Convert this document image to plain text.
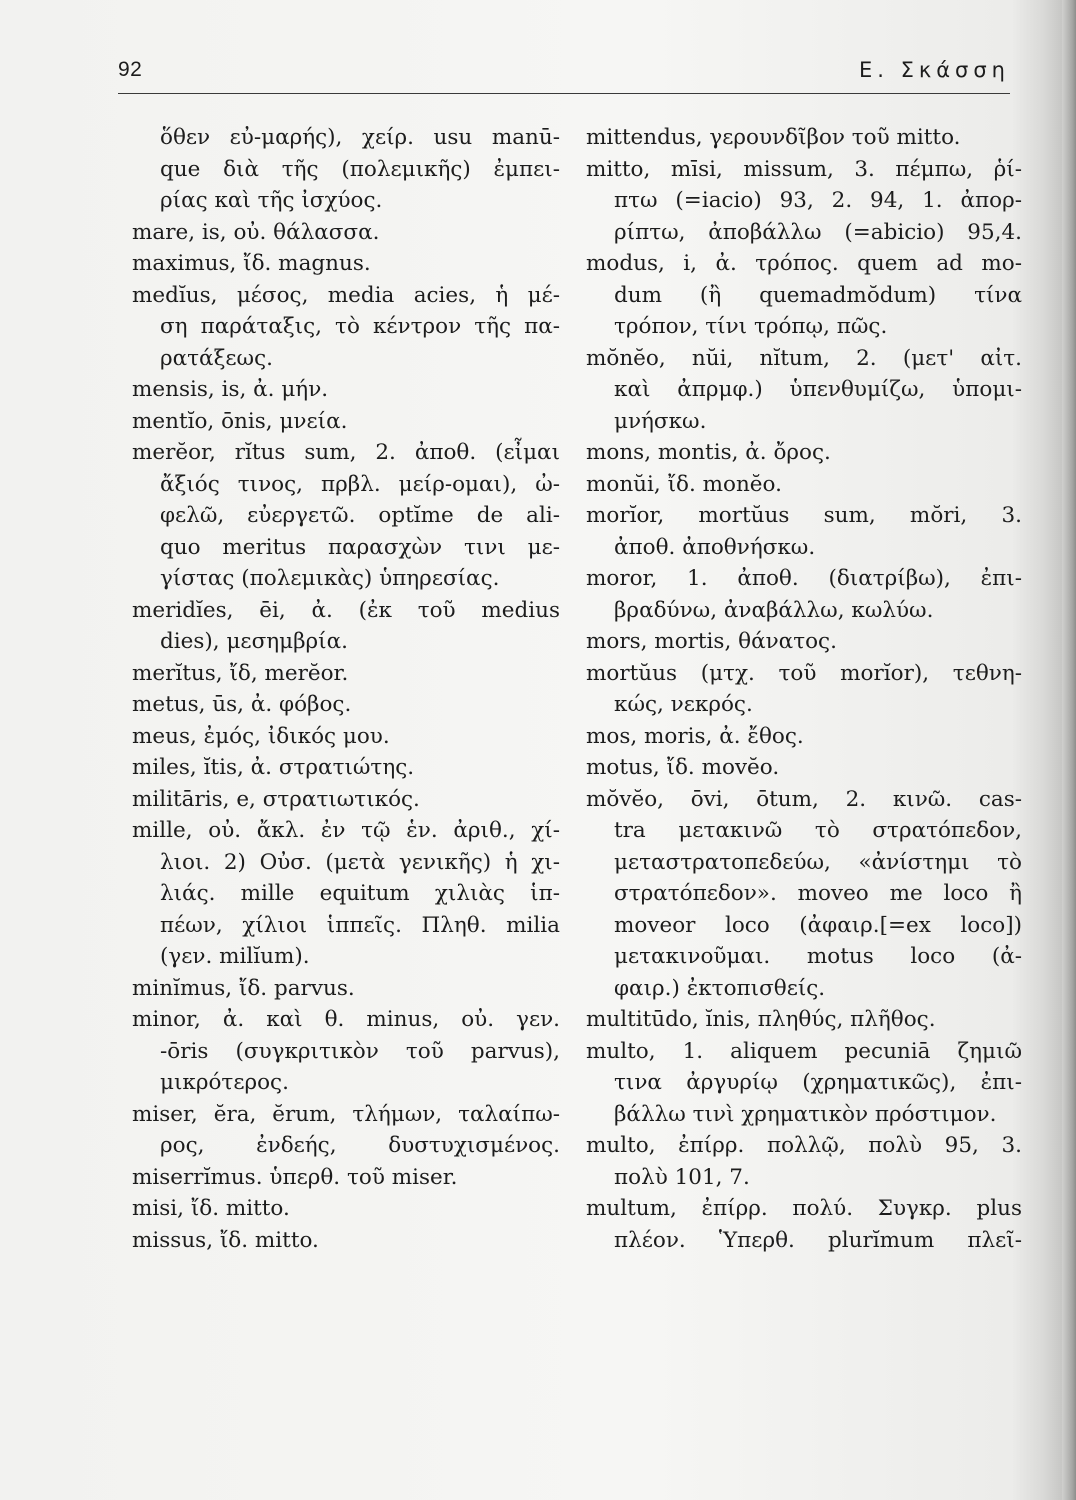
92	Ε. Σκάσση
ὅθεν εὐ-μαρής), χείρ. usu manū-
que διὰ τῆς (πολεμικῆς) ἐμπει-
ρίας καὶ τῆς ἰσχύος.
mare, is, οὐ. θάλασσα.
maximus, ἴδ. magnus.
medĭus, μέσος, media acies, ἡ μέ-
ση παράταξις, τὸ κέντρον τῆς πα-
ρατάξεως.
mensis, is, ἀ. μήν.
mentĭo, ōnis, μνεία.
merĕor, rĭtus sum, 2. ἀποθ. (εἶμαι
ἄξιός τινος, πρβλ. μείρ-ομαι), ὠ-
φελῶ, εὐεργετῶ. optĭme de ali-
quo meritus παρασχὼν τινι με-
γίστας (πολεμικὰς) ὑπηρεσίας.
meridĭes, ēi, ἀ. (ἐκ τοῦ medius
dies), μεσημβρία.
merĭtus, ἴδ, merĕor.
metus, ūs, ἀ. φόβος.
meus, ἐμός, ἰδικός μου.
miles, ĭtis, ἀ. στρατιώτης.
militāris, e, στρατιωτικός.
mille, οὐ. ἄκλ. ἐν τῷ ἑν. ἀριθ., χί-
λιοι. 2) Οὐσ. (μετὰ γενικῆς) ἡ χι-
λιάς. mille equitum χιλιὰς ἱπ-
πέων, χίλιοι ἱππεῖς. Πληθ. milia
(γεν. milĭum).
minĭmus, ἴδ. parvus.
minor, ἀ. καὶ θ. minus, οὐ. γεν.
-ōris (συγκριτικὸν τοῦ parvus),
μικρότερος.
miser, ĕra, ĕrum, τλήμων, ταλαίπω-
ρος, ἐνδεής, δυστυχισμένος.
miserrĭmus. ὑπερθ. τοῦ miser.
misi, ἴδ. mitto.
missus, ἴδ. mitto.
mittendus, γερουνδῖβον τοῦ mitto.
mitto, mīsi, missum, 3. πέμπω, ῥί-
πτω (=iacio) 93, 2. 94, 1. ἀπορ-
ρίπτω, ἀποβάλλω (=abicio) 95,4.
modus, i, ἀ. τρόπος. quem ad mo-
dum (ἢ quemadmŏdum) τίνα
τρόπον, τίνι τρόπῳ, πῶς.
mŏnĕo, nŭi, nĭtum, 2. (μετ' αἰτ.
καὶ ἀπρμφ.) ὑπενθυμίζω, ὑπομι-
μνήσκω.
mons, montis, ἀ. ὄρος.
monŭi, ἴδ. monĕo.
morĭor, mortŭus sum, mŏri, 3.
ἀποθ. ἀποθνήσκω.
moror, 1. ἀποθ. (διατρίβω), ἐπι-
βραδύνω, ἀναβάλλω, κωλύω.
mors, mortis, θάνατος.
mortŭus (μτχ. τοῦ morĭor), τεθνη-
κώς, νεκρός.
mos, moris, ἀ. ἔθος.
motus, ἴδ. movĕo.
mŏvĕo, ōvi, ōtum, 2. κινῶ. cas-
tra μετακινῶ τὸ στρατόπεδον,
μεταστρατοπεδεύω, «ἀνίστημι τὸ
στρατόπεδον». moveo me loco ἢ
moveor loco (ἀφαιρ.[=ex loco])
μετακινοῦμαι. motus loco (ἀ-
φαιρ.) ἐκτοπισθείς.
multitūdo, ĭnis, πληθύς, πλῆθος.
multo, 1. aliquem pecuniā ζημιῶ
τινα ἀργυρίῳ (χρηματικῶς), ἐπι-
βάλλω τινὶ χρηματικὸν πρόστιμον.
multo, ἐπίρρ. πολλῷ, πολὺ 95, 3.
πολὺ 101, 7.
multum, ἐπίρρ. πολύ. Συγκρ. plus
πλέον. Ὑπερθ. plurĭmum πλεῖ-
